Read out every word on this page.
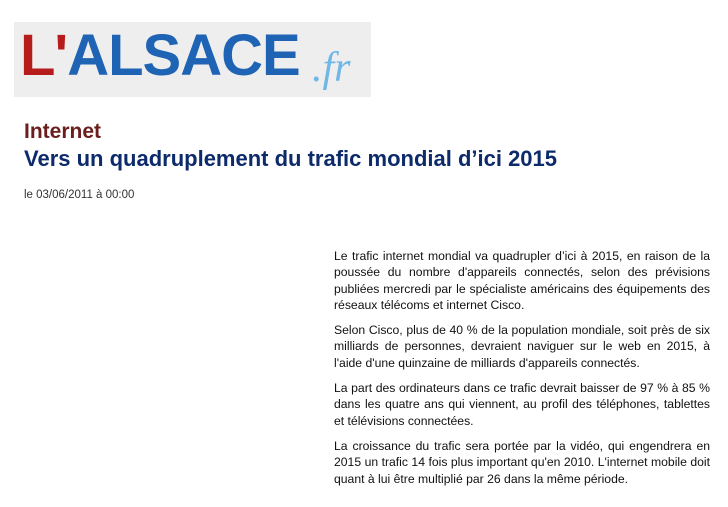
L'ALSACE .fr
Internet
Vers un quadruplement du trafic mondial d’ici 2015
le 03/06/2011 à 00:00

Le trafic internet mondial va quadrupler d’ici à 2015, en raison de la poussée du nombre d'appareils connectés, selon des prévisions publiées mercredi par le spécialiste américains des équipements des réseaux télécoms et internet Cisco.

Selon Cisco, plus de 40 % de la population mondiale, soit près de six milliards de personnes, devraient naviguer sur le web en 2015, à l'aide d'une quinzaine de milliards d'appareils connectés.

La part des ordinateurs dans ce trafic devrait baisser de 97 % à 85 % dans les quatre ans qui viennent, au profil des téléphones, tablettes et télévisions connectées.

La croissance du trafic sera portée par la vidéo, qui engendrera en 2015 un trafic 14 fois plus important qu'en 2010. L'internet mobile doit quant à lui être multiplié par 26 dans la même période.
